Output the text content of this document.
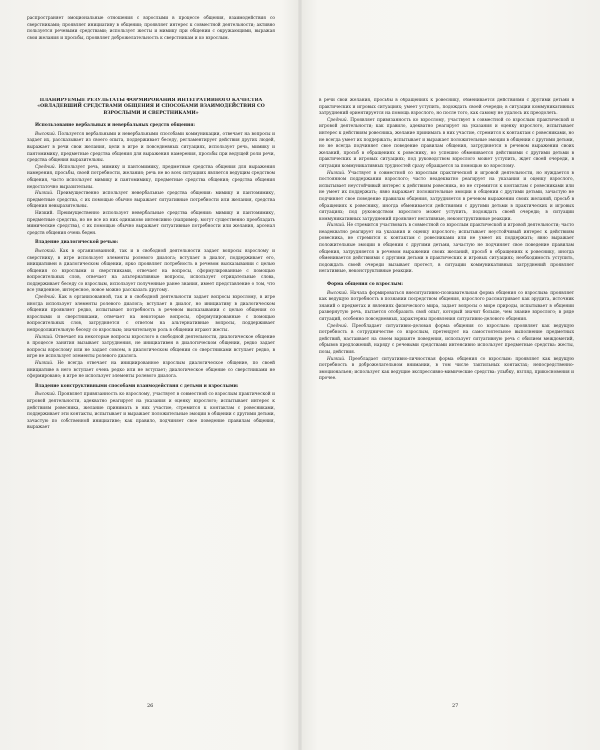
распространяет эмоциональные отношения с взрослыми в процессе общения, взаимодействия со сверстниками; проявляет инициативу в общении; проявляет интерес к совместной деятельности; активно пользуется речевыми средствами; использует жесты и мимику при общении с окружающими, выражая свои желания и просьбы, проявляет доброжелательность к сверстникам и ко взрослым.

ПЛАНИРУЕМЫЕ РЕЗУЛЬТАТЫ ФОРМИРОВАНИЯ ИНТЕГРАТИВНОГО КАЧЕСТВА «ОВЛАДЕВШИЙ СРЕДСТВАМИ ОБЩЕНИЯ И СПОСОБАМИ ВЗАИМОДЕЙСТВИЯ СО ВЗРОСЛЫМИ И СВЕРСТНИКАМИ»
Использование вербальных и невербальных средств общения:

Высокий. Пользуется вербальными и невербальными способами коммуникации, отвечает на вопросы и задает их, рассказывает из своего опыта, поддерживает беседу, регламентирует действия других людей, выражает в речи свои желания, цели в игре и повседневных ситуациях, использует речь, мимику и пантомимику, предметные средства общения для выражения намерения, просьбы при ведущей роли речи, средства общения выразительны.

Средний. Использует речь, мимику и пантомимику, предметные средства общения для выражения намерения, просьбы, своей потребности, желания; речь не во всех ситуациях является ведущим средством общения, часто использует мимику и пантомимику, предметные средства общения; средства общения недостаточно выразительны.

Низкий. Преимущественно использует невербальные средства общения: мимику и пантомимику, предметные средства, с их помощью обычно выражает ситуативные потребности или желания, средства общения невыразительны.

Низкий. Преимущественно использует невербальные средства общения: мимику и пантомимику, предметные средства, но не все из них одинаково интенсивно (например, могут существенно преобладать мимические средства), с их помощью обычно выражает ситуативные потребности или желания, арсенал средств общения очень беден.

Владение диалогической речью:

Высокий. Как в организованной, так и в свободной деятельности задает вопросы взрослому и сверстнику, в игре использует элементы ролевого диалога; вступает в диалог, поддерживает его, инициативен в диалогическом общении, ярко проявляет потребность в речевом высказывании с целью общения со взрослыми и сверстниками, отвечает на вопросы, сформулированные с помощью вопросительных слов, отвечает на альтернативные вопросы, использует отрицательные слова, поддерживает беседу со взрослым, использует полученные ранее знания, имеет представление о том, что все увиденное, интересное, новое можно рассказать другому.

Средний. Как в организованной, так и в свободной деятельности задает вопросы взрослому, в игре иногда использует элементы ролевого диалога; вступает в диалог, но инициативу в диалогическом общении проявляет редко, испытывает потребность в речевом высказывании с целью общения со взрослыми и сверстниками, отвечает на некоторые вопросы, сформулированные с помощью вопросительных слов, затрудняется с ответом на альтернативные вопросы, поддерживает непродолжительную беседу со взрослым; значительную роль в общении играют жесты.

Низкий. Отвечает на некоторые вопросы взрослого в свободной деятельности, диалогическое общение в процессе занятия вызывает затруднения, не инициативен в диалогическом общении, редко задает вопросы взрослому или не задает совсем, в диалогическом общении со сверстниками вступает редко, в игре не использует элементы ролевого диалога.

Низкий. Не всегда отвечает на инициированное взрослым диалогическое общение, по своей инициативе в него вступает очень редко или не вступает; диалогическое общение со сверстниками не сформировано; в игре не использует элементы ролевого диалога.

Владение конструктивными способами взаимодействия с детьми и взрослыми:

Высокий. Проявляет привязанность ко взрослому, участвует в совместной со взрослым практической и игровой деятельности, адекватно реагирует на указания и оценку взрослого; испытывает интерес к действиям ровесника, желание принимать в них участие, стремится к контактам с ровесниками, поддерживает эти контакты, испытывает и выражает положительные эмоции в общении с другими детьми, зачастую по собственной инициативе; как правило, подчиняет свое поведение правилам общения, выражает

26

в речи свои желания, просьбы в обращениях к ровеснику, обменивается действиями с другими детьми в практических и игровых ситуациях; умеет уступить, подождать своей очереди; в ситуации коммуникативных затруднений ориентируется на помощь взрослого, но после того, как самому не удалось их преодолеть.

Средний. Проявляет привязанность ко взрослому, участвует в совместной со взрослым практической и игровой деятельности; как правило, адекватно реагирует на указания и оценку взрослого, испытывает интерес к действиям ровесника, желание принимать в них участие, стремится к контактам с ровесниками, но не всегда умеет их поддержать; испытывает и выражает положительные эмоции в общении с другими детьми, но не всегда подчиняет свое поведение правилам общения, затрудняется в речевом выражении своих желаний, просьб в обращениях к ровеснику, но успешно обменивается действиями с другими детьми в практических и игровых ситуациях; под руководством взрослого может уступить, ждет своей очереди, в ситуации коммуникативных трудностей сразу обращается за помощью ко взрослому.

Низкий. Участвует в совместной со взрослым практической и игровой деятельности, но нуждается в постоянном поддержании взрослого; часто неадекватно реагирует на указания и оценку взрослого, испытывает неустойчивый интерес к действиям ровесника, но не стремится к контактам с ровесниками или не умеет их поддержать; явно выражает положительные эмоции в общении с другими детьми, зачастую не подчиняет свое поведение правилам общения, затрудняется в речевом выражении своих желаний, просьб в обращениях к ровеснику, иногда обменивается действиями с другими детьми в практических и игровых ситуациях; под руководством взрослого может уступить, подождать своей очереди; в ситуации коммуникативных затруднений проявляет негативные, неконструктивные реакции.

Низкий. Не стремится участвовать в совместной со взрослым практической и игровой деятельности; часто неадекватно реагирует на указания и оценку взрослого; испытывает неустойчивый интерес к действиям ровесника, не стремится к контактам с ровесниками или не умеет их поддержать; явно выражает положительные эмоции в общении с другими детьми, зачастую не подчиняет свое поведение правилам общения, затрудняется в речевом выражении своих желаний, просьб в обращениях к ровеснику, иногда обменивается действиями с другими детьми в практических и игровых ситуациях; необходимость уступить, подождать своей очереди вызывает протест, в ситуации коммуникативных затруднений проявляет негативные, неконструктивные реакции.

Форма общения со взрослым:

Высокий. Начала формироваться внеситуативно-познавательная форма общения со взрослым: проявляет как ведущую потребность в познании посредством общения, взрослого рассматривает как эрудита, источник знаний о предметах и явлениях физического мира, задает вопросы о мире природы, испытывает в общении развернутую речь, пытается отобразить свой опыт, который значит больше, чем знание взрослого; в ряде ситуаций, особенно повседневных, характерны проявления ситуативно-делового общения.

Средний. Преобладает ситуативно-деловая форма общения со взрослым: проявляет как ведущую потребность в сотрудничестве со взрослым, претендует на самостоятельное выполнение предметных действий, настаивает на своем варианте поведения, использует ситуативную речь с обилием междометий, обрывов предложений, наряду с речевыми средствами интенсивно использует предметные средства: жесты, позы, действия.

Низкий. Преобладает ситуативно-личностная форма общения со взрослым: проявляет как ведущую потребность в доброжелательном внимании, в том числе тактильных контактах; непосредственно-эмоциональен; использует как ведущие экспрессивно-мимические средства: улыбку, взгляд, прикосновения и прочее.

27
